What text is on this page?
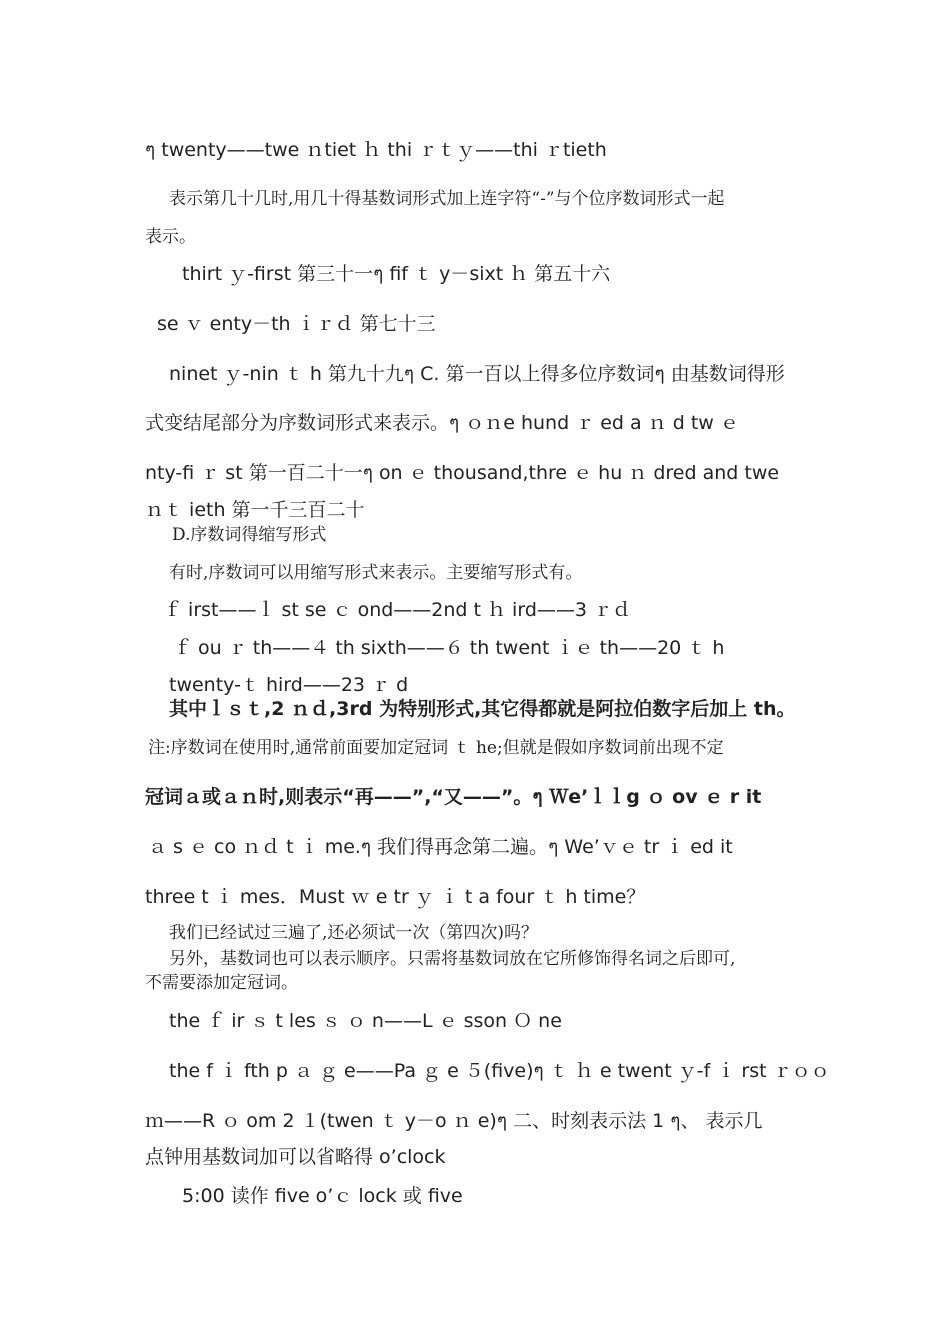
ๆ twenty——twe ｎtiet ｈ thi ｒｔｙ——thi ｒtieth
表示第几十几时,用几十得基数词形式加上连字符“-”与个位序数词形式一起
表示。
thirt ｙ-first 第三十一ๆ fif ｔ y－sixt ｈ 第五十六
se ｖ enty－th ｉｒｄ 第七十三
ninet ｙ-nin ｔ h 第九十九ๆ C. 第一百以上得多位序数词ๆ 由基数词得形
式变结尾部分为序数词形式来表示。ๆ ｏｎe hund ｒ ed a ｎ d tw ｅ
nty-fi ｒ st 第一百二十一ๆ on ｅ thousand,thre ｅ hu ｎ dred and twe
ｎｔ ieth 第一千三百二十
D.序数词得缩写形式
有时,序数词可以用缩写形式来表示。主要缩写形式有。
ｆ irst——ｌ st se ｃ ond——2nd t ｈ ird——3 ｒｄ
ｆ ou ｒ th——４ th sixth——６ th twent ｉｅ th——20 ｔ h
twenty-ｔ hird——23 ｒ d
其中ｌｓｔ,2 ｎｄ,3rd 为特别形式,其它得都就是阿拉伯数字后加上 th。
注:序数词在使用时,通常前面要加定冠词 ｔ he;但就是假如序数词前出现不定
冠词ａ或ａｎ时,则表示“再——”,“又——”。ๆ Ｗe’ｌｌg ｏ ov ｅ r it
ａ s ｅ co ｎｄ t ｉ me.ๆ 我们得再念第二遍。ๆ We’ｖｅ tr ｉ ed it
three t ｉ mes．Must ｗ e tr ｙ ｉ t a four ｔ h time？
我们已经试过三遍了,还必须试一次（第四次)吗？
另外，基数词也可以表示顺序。只需将基数词放在它所修饰得名词之后即可,
不需要添加定冠词。
the ｆ ir ｓ t les ｓ ｏ n——L ｅ sson Ｏ ne
the f ｉ fth p ａ ｇ e——Pa ｇ e ５(five)ๆ ｔ ｈ e twent ｙ-f ｉ rst ｒｏｏ
ｍ——R ｏ om 2 １(twen ｔ y－o ｎ e)ๆ 二、时刻表示法 1 ๆ、 表示几
点钟用基数词加可以省略得 o’clock
5:00 读作 five o’ｃ lock 或 five
